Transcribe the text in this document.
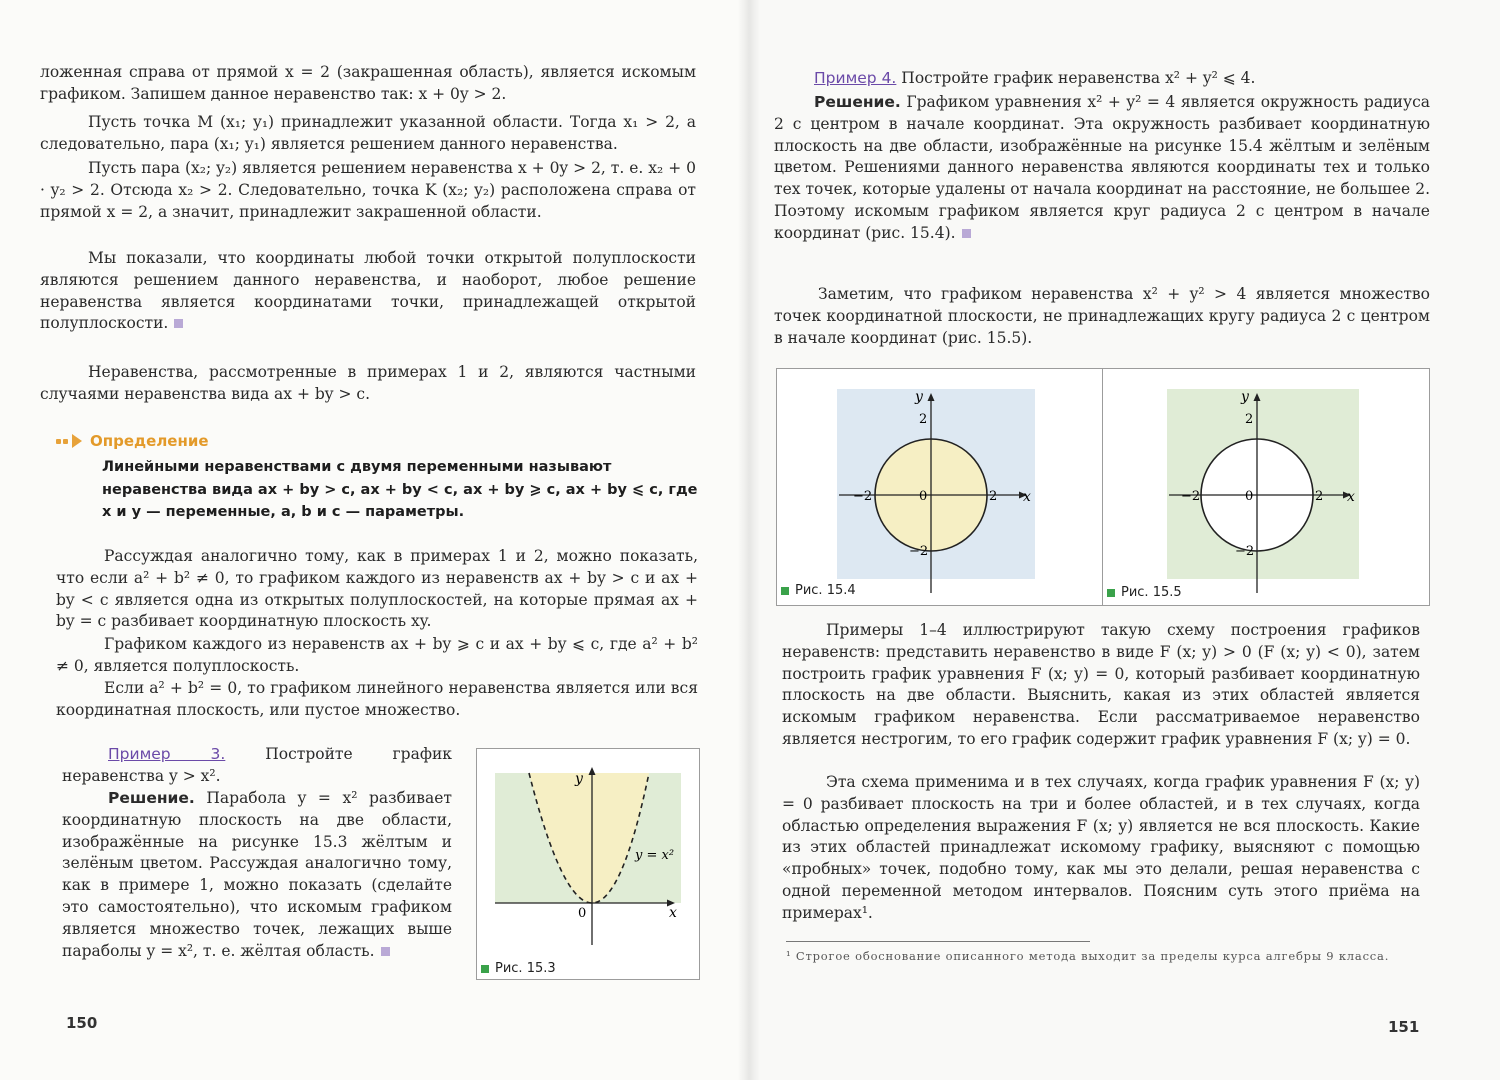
ложенная справа от прямой x = 2 (закрашенная область), является искомым графиком. Запишем данное неравенство так: x + 0y > 2.

Пусть точка M (x₁; y₁) принадлежит указанной области. Тогда x₁ > 2, а следовательно, пара (x₁; y₁) является решением данного неравенства.

Пусть пара (x₂; y₂) является решением неравенства x + 0y > 2, т. е. x₂ + 0 · y₂ > 2. Отсюда x₂ > 2. Следовательно, точка K (x₂; y₂) расположена справа от прямой x = 2, а значит, принадлежит закрашенной области.

Мы показали, что координаты любой точки открытой полуплоскости являются решением данного неравенства, и наоборот, любое решение неравенства является координатами точки, принадлежащей открытой полуплоскости.

Неравенства, рассмотренные в примерах 1 и 2, являются частными случаями неравенства вида ax + by > c.

Определение

Линейными неравенствами с двумя переменными называют неравенства вида ax + by > c, ax + by < c, ax + by ⩾ c, ax + by ⩽ c, где x и y — переменные, a, b и c — параметры.

Рассуждая аналогично тому, как в примерах 1 и 2, можно показать, что если a² + b² ≠ 0, то графиком каждого из неравенств ax + by > c и ax + by < c является одна из открытых полуплоскостей, на которые прямая ax + by = c разбивает координатную плоскость xy.

Графиком каждого из неравенств ax + by ⩾ c и ax + by ⩽ c, где a² + b² ≠ 0, является полуплоскость.

Если a² + b² = 0, то графиком линейного неравенства является или вся координатная плоскость, или пустое множество.

Пример 3.	Постройте график неравенства y > x².

Решение. Парабола y = x² разбивает координатную плоскость на две области, изображённые на рисунке 15.3 жёлтым и зелёным цветом. Рассуждая аналогично тому, как в примере 1, можно показать (сделайте это самостоятельно), что искомым графиком является множество точек, лежащих выше параболы y = x², т. е. жёлтая область.

y
x
0
y = x²
Рис. 15.3
150

Пример 4. Постройте график неравенства x² + y² ⩽ 4.

Решение. Графиком уравнения x² + y² = 4 является окружность радиуса 2 с центром в начале координат. Эта окружность разбивает координатную плоскость на две области, изображённые на рисунке 15.4 жёлтым и зелёным цветом. Решениями данного неравенства являются координаты тех и только тех точек, которые удалены от начала координат на расстояние, не большее 2. Поэтому искомым графиком является круг радиуса 2 с центром в начале координат (рис. 15.4).

Заметим, что графиком неравенства x² + y² > 4 является множество точек координатной плоскости, не принадлежащих кругу радиуса 2 с центром в начале координат (рис. 15.5).

y
x
0	2
−2
2
−2
y
x
0	2
−2
2
−2
Рис. 15.4	Рис. 15.5

Примеры 1–4 иллюстрируют такую схему построения графиков неравенств: представить неравенство в виде F (x; y) > 0 (F (x; y) < 0), затем построить график уравнения F (x; y) = 0, который разбивает координатную плоскость на две области. Выяснить, какая из этих областей является искомым графиком неравенства. Если рассматриваемое неравенство является нестрогим, то его график содержит график уравнения F (x; y) = 0.

Эта схема применима и в тех случаях, когда график уравнения F (x; y) = 0 разбивает плоскость на три и более областей, и в тех случаях, когда областью определения выражения F (x; y) является не вся плоскость. Какие из этих областей принадлежат искомому графику, выясняют с помощью «пробных» точек, подобно тому, как мы это делали, решая неравенства с одной переменной методом интервалов. Поясним суть этого приёма на примерах¹.

¹ Строгое обоснование описанного метода выходит за пределы курса алгебры 9 класса.

151
